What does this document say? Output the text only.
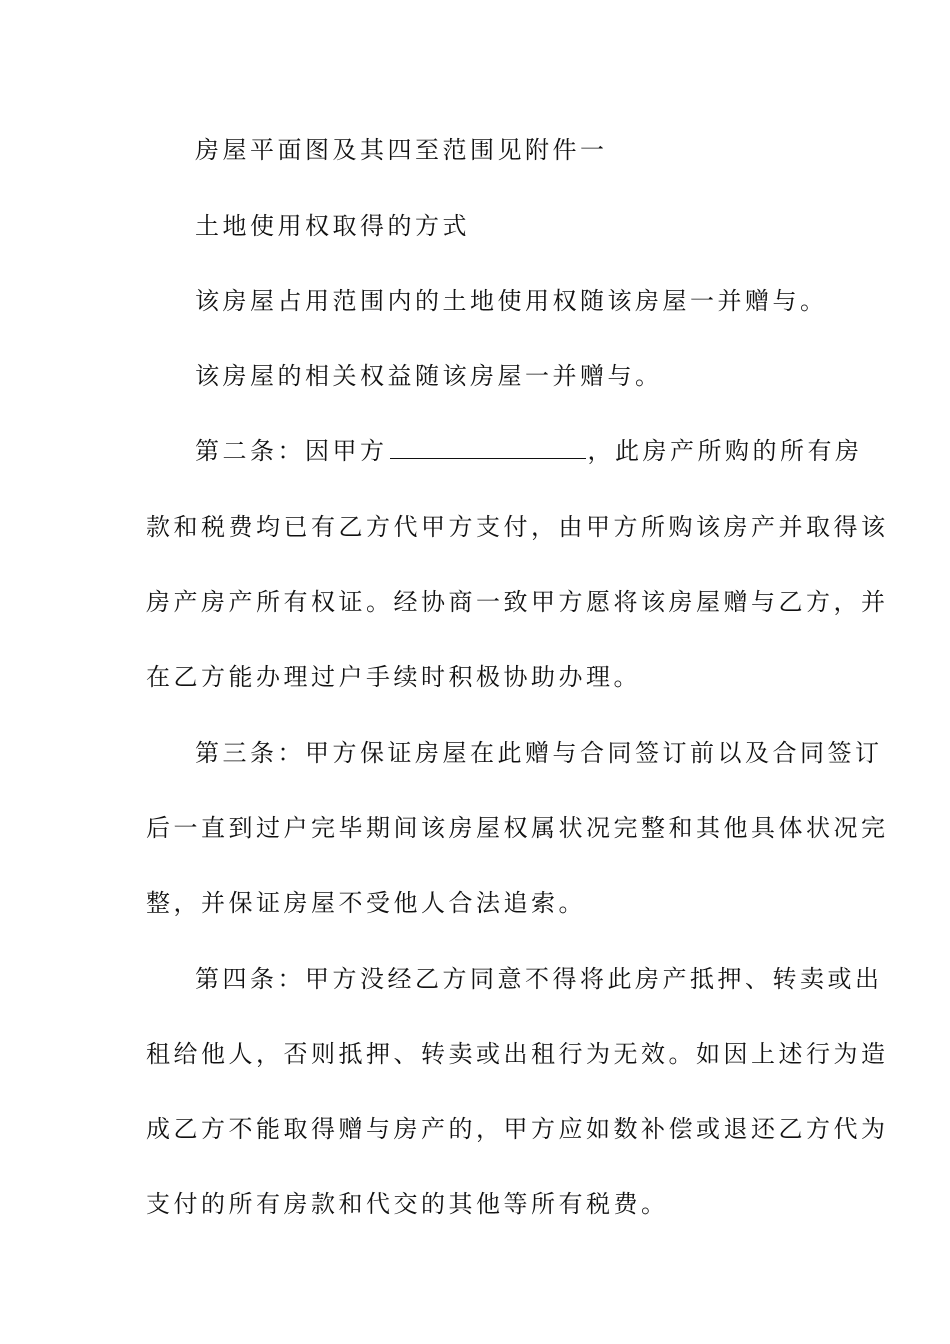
房屋平面图及其四至范围见附件一
土地使用权取得的方式
该房屋占用范围内的土地使用权随该房屋一并赠与。
该房屋的相关权益随该房屋一并赠与。
第二条：因甲方	，此房产所购的所有房
款和税费均已有乙方代甲方支付，由甲方所购该房产并取得该
房产房产所有权证。经协商一致甲方愿将该房屋赠与乙方，并
在乙方能办理过户手续时积极协助办理。
第三条：甲方保证房屋在此赠与合同签订前以及合同签订
后一直到过户完毕期间该房屋权属状况完整和其他具体状况完
整，并保证房屋不受他人合法追索。
第四条：甲方没经乙方同意不得将此房产抵押、转卖或出
租给他人，否则抵押、转卖或出租行为无效。如因上述行为造
成乙方不能取得赠与房产的，甲方应如数补偿或退还乙方代为
支付的所有房款和代交的其他等所有税费。
